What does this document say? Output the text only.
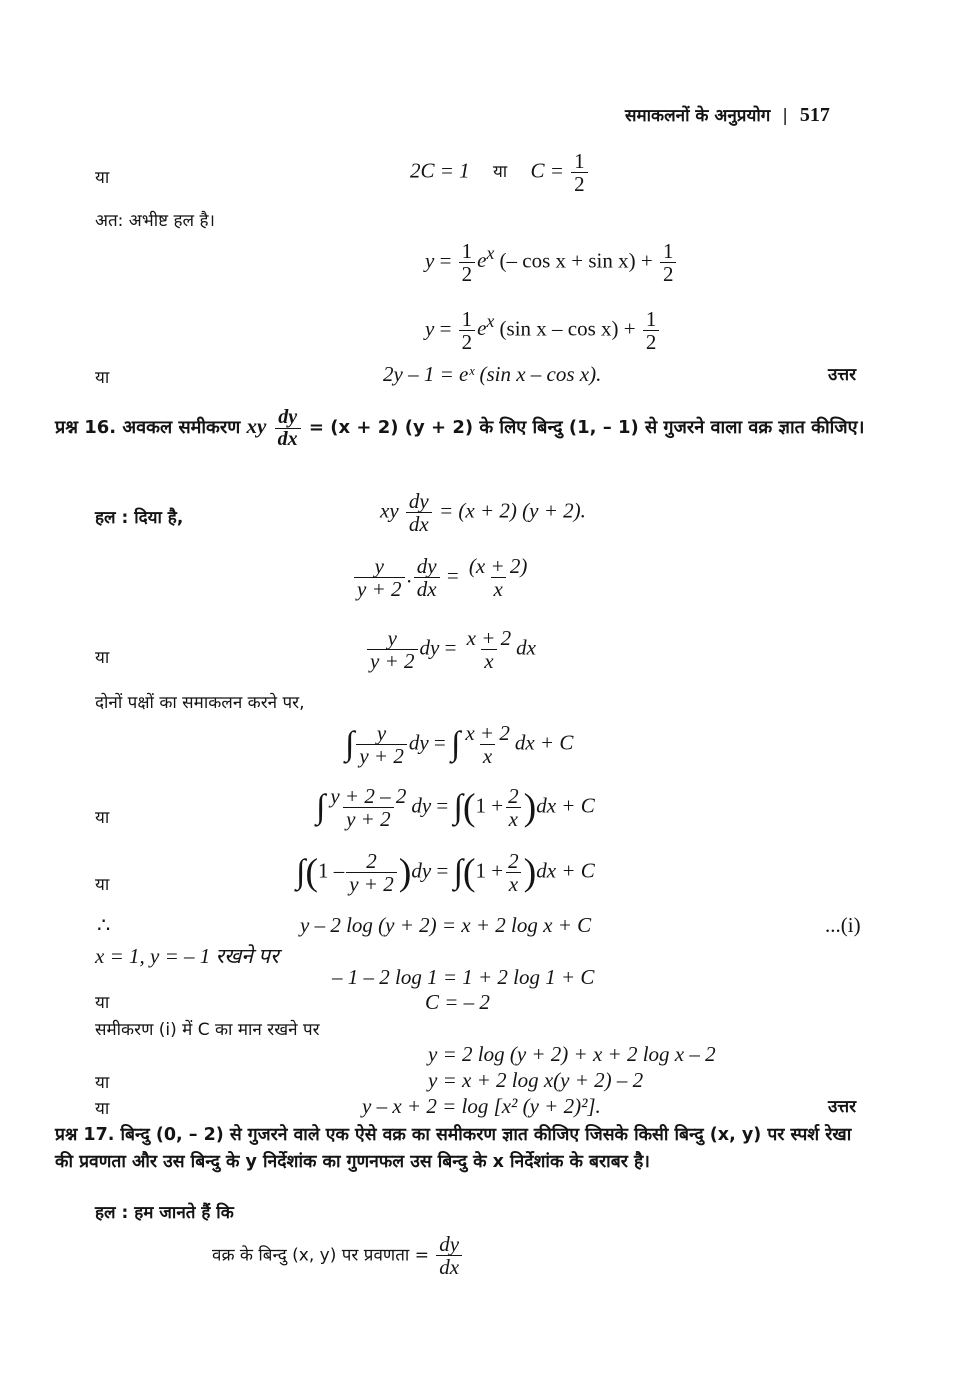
समाकलनों के अनुप्रयोग | 517
या	2C = 1 या $C = \frac{1}{2}$
अत: अभीष्ट हल है।
$y = \frac{1}{2} e^x$ (– $\cos x + \sin x) + \frac{1}{2}$
$y = \frac{1}{2} e^x$ (sin $x - \cos x) + \frac{1}{2}$
या	2y – 1 = eˣ (sin x – cos x).	उत्तर
प्रश्न 16. अवकल समीकरण xy $\frac{dy}{dx} = (x + 2) (y + 2)$ के लिए बिन्दु (1, – 1) से गुजरने वाला वक्र ज्ञात कीजिए।
हल : दिया है,	xy $\frac{dy}{dx} = (x + 2) (y + 2)$.
$\frac{y}{y + 2}$ . $\frac{dy}{dx} = \frac{(x + 2)}{x}$
या	$\frac{y}{y + 2}$ dy = $\frac{x + 2}{x}$ dx
दोनों पक्षों का समाकलन करने पर,
∫ $\frac{y}{y + 2}$ dy = ∫ $\frac{x + 2}{x}$ dx + C
या	∫ $\frac{y + 2 - 2}{y + 2}$ dy = $\int(1 + \frac{2}{x} )dx + C$
या	$\int(1 - \frac{2}{y + 2} )dy = \int(1 + \frac{2}{x} )dx + C$
∴	y – 2 log (y + 2) = x + 2 log x + C	...(i)
x = 1, y = – 1 रखने पर
– 1 – 2 log 1 = 1 + 2 log 1 + C
या	C = – 2
समीकरण (i) में C का मान रखने पर
y = 2 log (y + 2) + x + 2 log x – 2
या	y = x + 2 log x(y + 2) – 2
या	y – x + 2 = log [x² (y + 2)²].	उत्तर
प्रश्न 17. बिन्दु (0, – 2) से गुजरने वाले एक ऐसे वक्र का समीकरण ज्ञात कीजिए जिसके किसी बिन्दु (x, y) पर स्पर्श रेखा की प्रवणता और उस बिन्दु के y निर्देशांक का गुणनफल उस बिन्दु के x निर्देशांक के बराबर है।
हल : हम जानते हैं कि
वक्र के बिन्दु (x, y) पर प्रवणता = $\frac{dy}{dx}$
